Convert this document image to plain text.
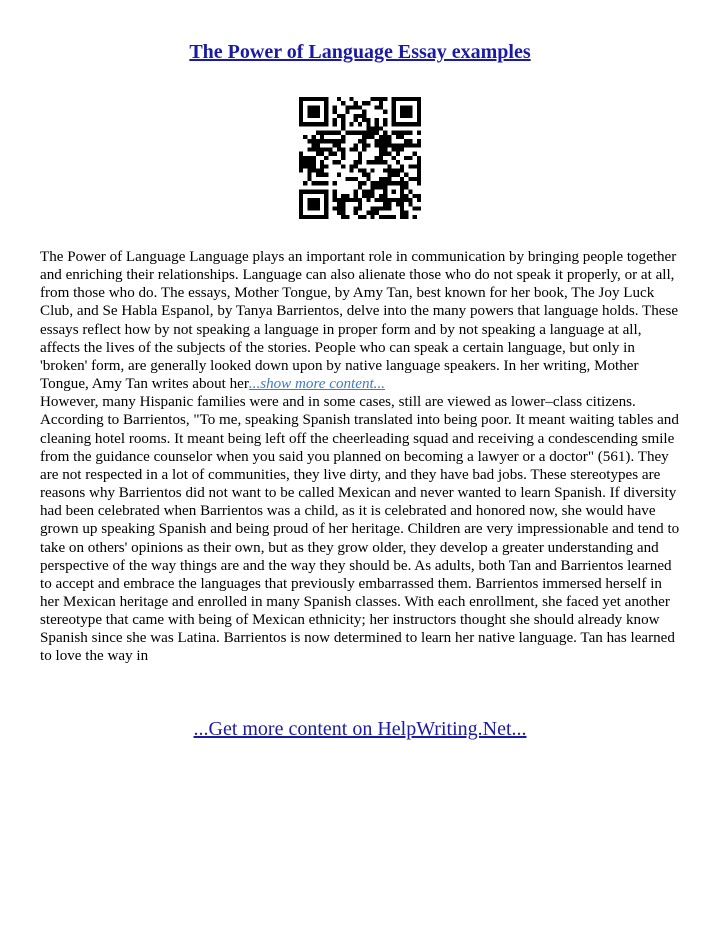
The Power of Language Essay examples

The Power of Language Language plays an important role in communication by bringing people together and enriching their relationships. Language can also alienate those who do not speak it properly, or at all, from those who do. The essays, Mother Tongue, by Amy Tan, best known for her book, The Joy Luck Club, and Se Habla Espanol, by Tanya Barrientos, delve into the many powers that language holds. These essays reflect how by not speaking a language in proper form and by not speaking a language at all, affects the lives of the subjects of the stories. People who can speak a certain language, but only in 'broken' form, are generally looked down upon by native language speakers. In her writing, Mother Tongue, Amy Tan writes about her...show more content...
However, many Hispanic families were and in some cases, still are viewed as lower–class citizens. According to Barrientos, "To me, speaking Spanish translated into being poor. It meant waiting tables and cleaning hotel rooms. It meant being left off the cheerleading squad and receiving a condescending smile from the guidance counselor when you said you planned on becoming a lawyer or a doctor" (561). They are not respected in a lot of communities, they live dirty, and they have bad jobs. These stereotypes are reasons why Barrientos did not want to be called Mexican and never wanted to learn Spanish. If diversity had been celebrated when Barrientos was a child, as it is celebrated and honored now, she would have grown up speaking Spanish and being proud of her heritage. Children are very impressionable and tend to take on others' opinions as their own, but as they grow older, they develop a greater understanding and perspective of the way things are and the way they should be. As adults, both Tan and Barrientos learned to accept and embrace the languages that previously embarrassed them. Barrientos immersed herself in her Mexican heritage and enrolled in many Spanish classes. With each enrollment, she faced yet another stereotype that came with being of Mexican ethnicity; her instructors thought she should already know Spanish since she was Latina. Barrientos is now determined to learn her native language. Tan has learned to love the way in

...Get more content on HelpWriting.Net...
